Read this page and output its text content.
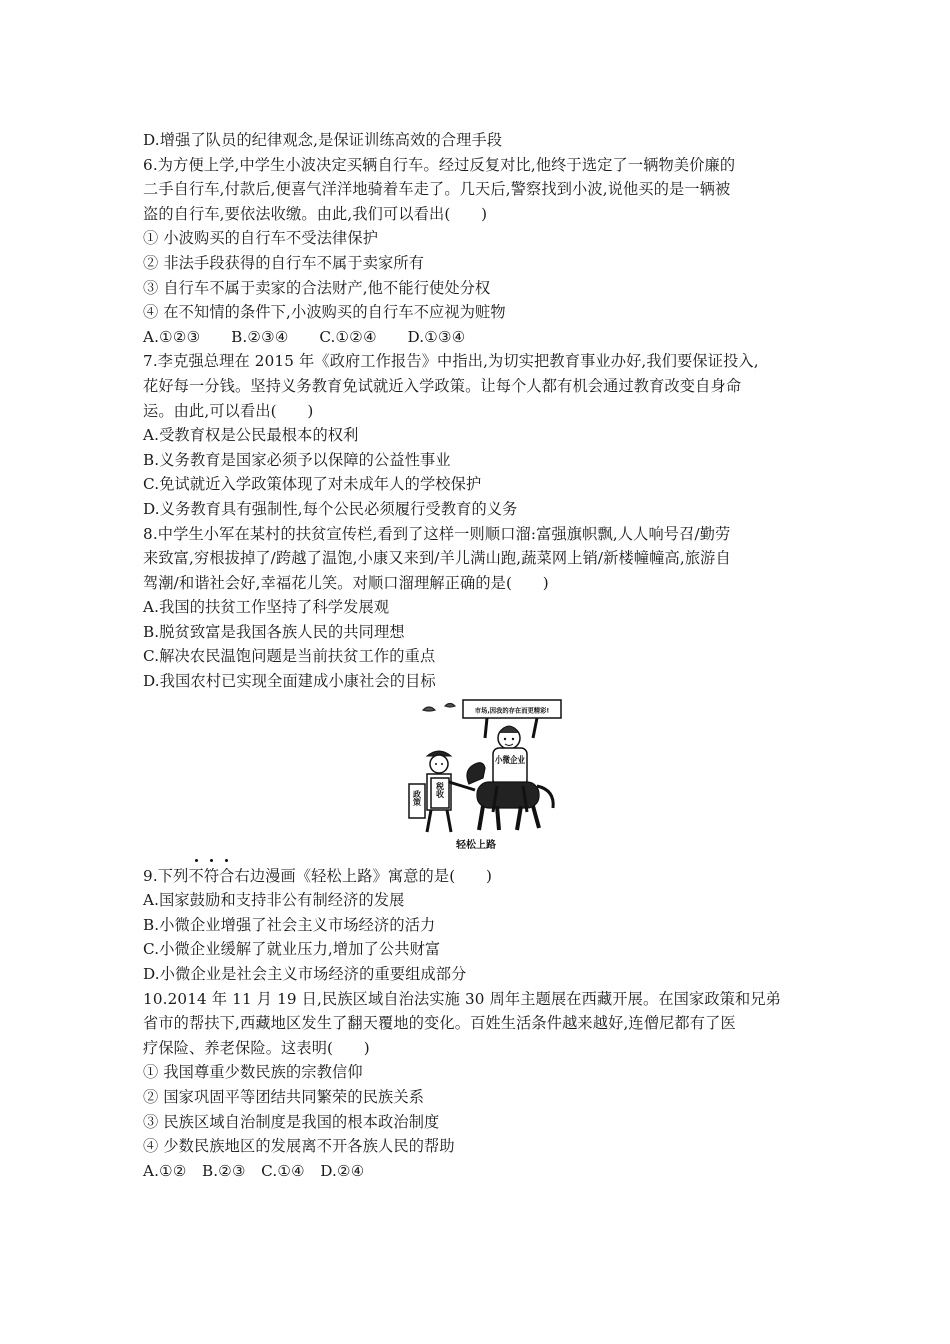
D.增强了队员的纪律观念,是保证训练高效的合理手段
6.为方便上学,中学生小波决定买辆自行车。经过反复对比,他终于选定了一辆物美价廉的
二手自行车,付款后,便喜气洋洋地骑着车走了。几天后,警察找到小波,说他买的是一辆被
盗的自行车,要依法收缴。由此,我们可以看出(　　)
① 小波购买的自行车不受法律保护
② 非法手段获得的自行车不属于卖家所有
③ 自行车不属于卖家的合法财产,他不能行使处分权
④ 在不知情的条件下,小波购买的自行车不应视为赃物
A.①②③　　B.②③④　　C.①②④　　D.①③④
7.李克强总理在 2015 年《政府工作报告》中指出,为切实把教育事业办好,我们要保证投入,
花好每一分钱。坚持义务教育免试就近入学政策。让每个人都有机会通过教育改变自身命
运。由此,可以看出(　　)
A.受教育权是公民最根本的权利
B.义务教育是国家必须予以保障的公益性事业
C.免试就近入学政策体现了对未成年人的学校保护
D.义务教育具有强制性,每个公民必须履行受教育的义务
8.中学生小军在某村的扶贫宣传栏,看到了这样一则顺口溜:富强旗帜飘,人人响号召/勤劳
来致富,穷根拔掉了/跨越了温饱,小康又来到/羊儿满山跑,蔬菜网上销/新楼幢幢高,旅游自
驾潮/和谐社会好,幸福花儿笑。对顺口溜理解正确的是(　　)
A.我国的扶贫工作坚持了科学发展观
B.脱贫致富是我国各族人民的共同理想
C.解决农民温饱问题是当前扶贫工作的重点
D.我国农村已实现全面建成小康社会的目标
市场,因我的存在而更精彩!
小微企业
政策 税收
轻松上路
9.下列不符合右边漫画《轻松上路》寓意的是(　　)
A.国家鼓励和支持非公有制经济的发展
B.小微企业增强了社会主义市场经济的活力
C.小微企业缓解了就业压力,增加了公共财富
D.小微企业是社会主义市场经济的重要组成部分
10.2014 年 11 月 19 日,民族区域自治法实施 30 周年主题展在西藏开展。在国家政策和兄弟
省市的帮扶下,西藏地区发生了翻天覆地的变化。百姓生活条件越来越好,连僧尼都有了医
疗保险、养老保险。这表明(　　)
① 我国尊重少数民族的宗教信仰
② 国家巩固平等团结共同繁荣的民族关系
③ 民族区域自治制度是我国的根本政治制度
④ 少数民族地区的发展离不开各族人民的帮助
A.①②　B.②③　C.①④　D.②④
